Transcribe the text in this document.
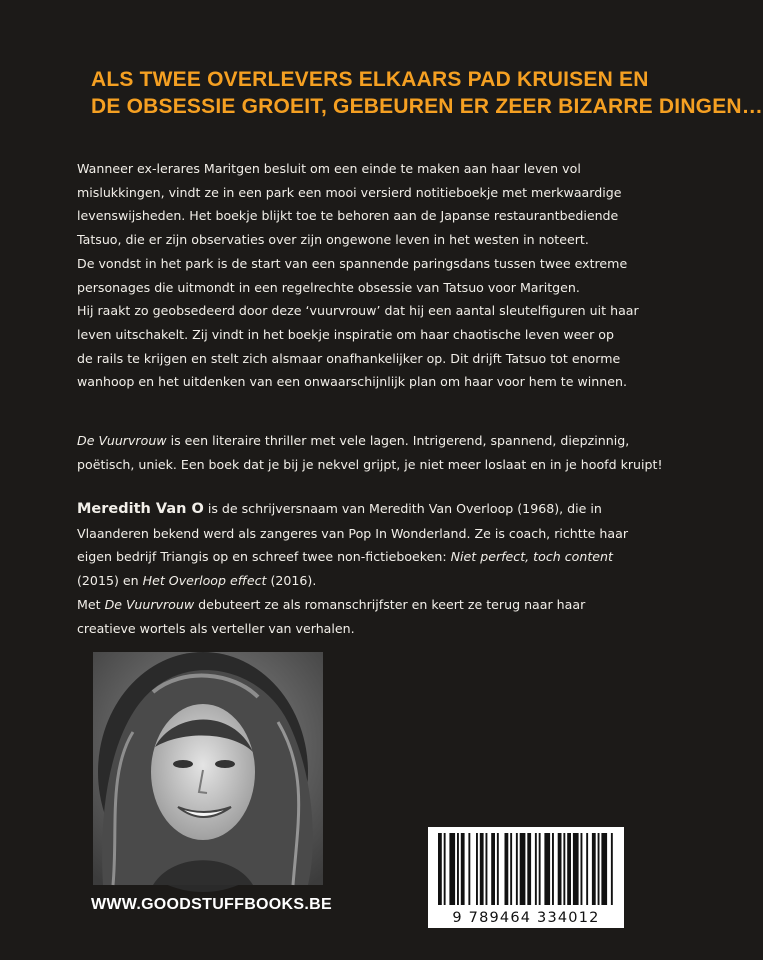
ALS TWEE OVERLEVERS ELKAARS PAD KRUISEN EN
DE OBSESSIE GROEIT, GEBEUREN ER ZEER BIZARRE DINGEN…
Wanneer ex-lerares Maritgen besluit om een einde te maken aan haar leven vol
mislukkingen, vindt ze in een park een mooi versierd notitieboekje met merkwaardige
levenswijsheden. Het boekje blijkt toe te behoren aan de Japanse restaurantbediende
Tatsuo, die er zijn observaties over zijn ongewone leven in het westen in noteert.
De vondst in het park is de start van een spannende paringsdans tussen twee extreme
personages die uitmondt in een regelrechte obsessie van Tatsuo voor Maritgen.
Hij raakt zo geobsedeerd door deze ‘vuurvrouw’ dat hij een aantal sleutelfiguren uit haar
leven uitschakelt. Zij vindt in het boekje inspiratie om haar chaotische leven weer op
de rails te krijgen en stelt zich alsmaar onafhankelijker op. Dit drijft Tatsuo tot enorme
wanhoop en het uitdenken van een onwaarschijnlijk plan om haar voor hem te winnen.
De Vuurvrouw is een literaire thriller met vele lagen. Intrigerend, spannend, diepzinnig,
poëtisch, uniek. Een boek dat je bij je nekvel grijpt, je niet meer loslaat en in je hoofd kruipt!
Meredith Van O is de schrijversnaam van Meredith Van Overloop (1968), die in
Vlaanderen bekend werd als zangeres van Pop In Wonderland. Ze is coach, richtte haar
eigen bedrijf Triangis op en schreef twee non-fictieboeken: Niet perfect, toch content
(2015) en Het Overloop effect (2016).
Met De Vuurvrouw debuteert ze als romanschrijfster en keert ze terug naar haar
creatieve wortels als verteller van verhalen.
9 789464 334012
WWW.GOODSTUFFBOOKS.BE
